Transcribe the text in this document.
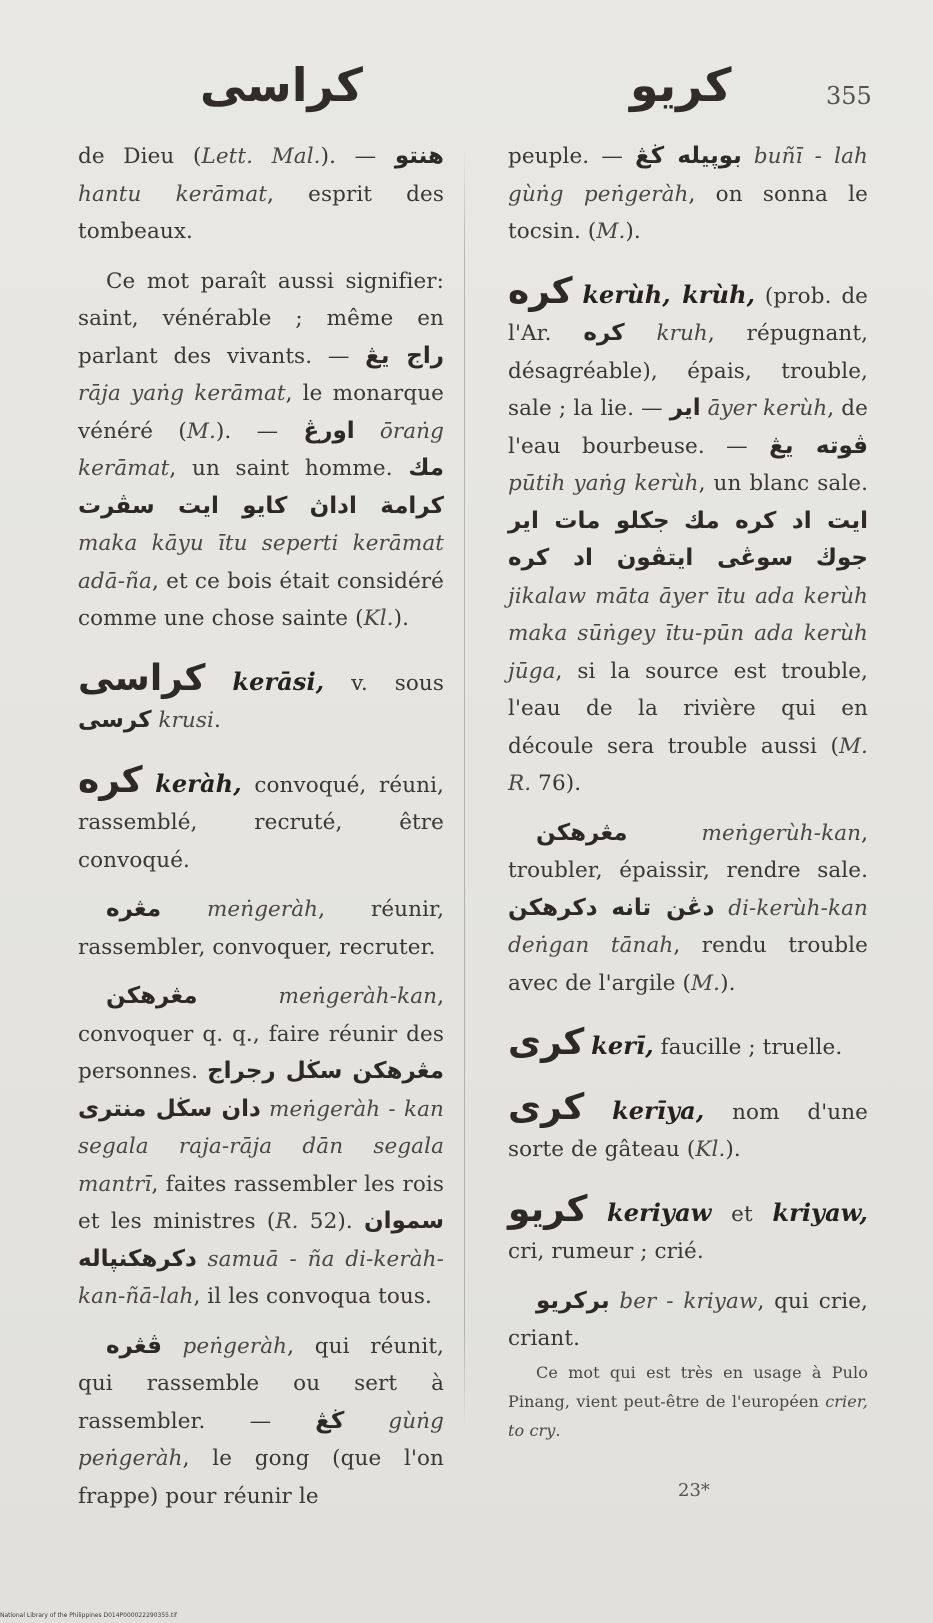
كراسى	كريو	355

de Dieu (Lett. Mal.). — هنتو hantu kerāmat, esprit des tombeaux.

Ce mot paraît aussi signifier: saint, vénérable ; même en parlant des vivants. — راج يڠ rāja yaṅg kerāmat, le monarque vénéré (M.). — اورڠ ōraṅg kerāmat, un saint homme. مك كايو ايت سڤرت كرامة اداڽ maka kāyu ītu seperti kerāmat adā-ña, et ce bois était considéré comme une chose sainte (Kl.).

كراسى kerāsi, v. sous كرسى krusi.

كره keràh, convoqué, réuni, rassemblé, recruté, être convoqué.

مڠره meṅgeràh, réunir, rassembler, convoquer, recruter.

مڠرهكن	meṅgeràh-kan, convoquer q. q., faire réunir des personnes. مڠرهكن سڬل رجراج دان سڬل منترى meṅgeràh - kan segala raja-rāja dān segala mantrī, faites rassembler les rois et les ministres (R. 52). سموان دكرهكنڽاله samuā - ña di-keràh-kan-ñā-lah, il les convoqua tous.

ڤڠره peṅgeràh, qui réunit, qui rassemble ou sert à rassembler. — ڬڠ gùṅg peṅgeràh, le gong (que l'on frappe) pour réunir le

peuple. — بوڽيله ڬڠ buñī - lah gùṅg peṅgeràh, on sonna le tocsin. (M.).

كره kerùh, krùh, (prob. de l'Ar. كره kruh, répugnant, désagréable), épais, trouble, sale ; la lie. — اير āyer kerùh, de l'eau bourbeuse. — ڤوته يڠ pūtih yaṅg kerùh, un blanc sale. جكلو مات اير ايت اد كره مك سوڠى ايتڤون اد كره جوڬ jikalaw māta āyer ītu ada kerùh maka sūṅgey ītu-pūn ada kerùh jūga, si la source est trouble, l'eau de la rivière qui en découle sera trouble aussi (M. R. 76).

مڠرهكن	meṅgerùh-kan, troubler, épaissir, rendre sale. دكرهكن دڠن تانه di-kerùh-kan deṅgan tānah, rendu trouble avec de l'argile (M.).

كرى kerī, faucille ; truelle.

كرى kerīya, nom d'une sorte de gâteau (Kl.).

كريو keriyaw et kriyaw, cri, rumeur ; crié.

بركريو ber - kriyaw, qui crie, criant.

Ce mot qui est très en usage à Pulo Pinang, vient peut-être de l'européen crier, to cry.

23*
National Library of the Philippines D014P000022290355.tif
